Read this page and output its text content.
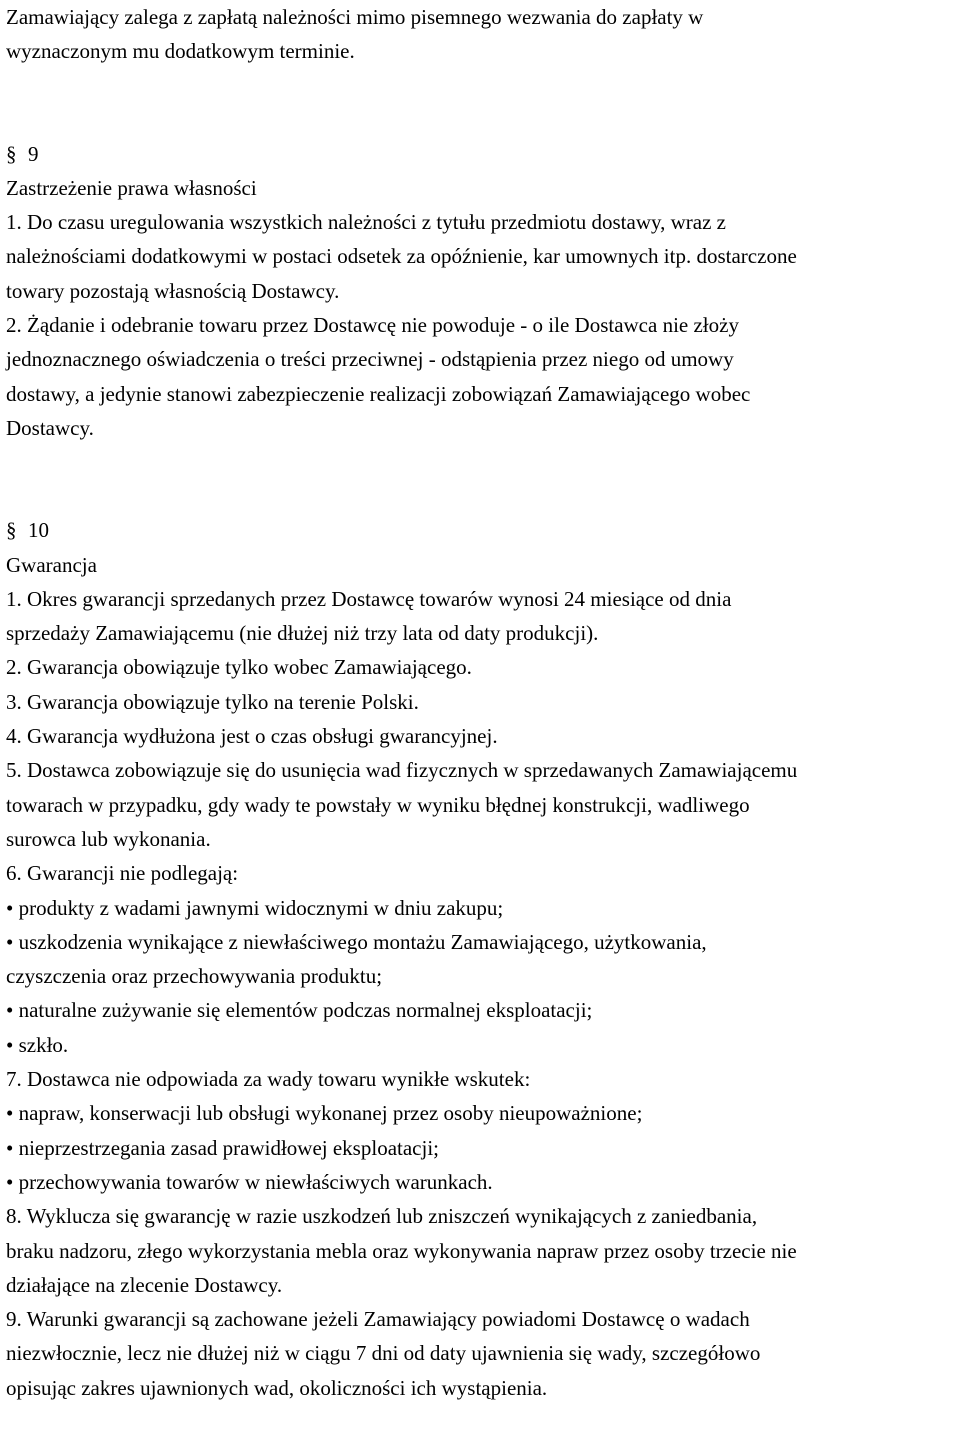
Zamawiający zalega z zapłatą należności mimo pisemnego wezwania do zapłaty w
wyznaczonym mu dodatkowym terminie.
§ 9
Zastrzeżenie prawa własności
1. Do czasu uregulowania wszystkich należności z tytułu przedmiotu dostawy, wraz z
należnościami dodatkowymi w postaci odsetek za opóźnienie, kar umownych itp. dostarczone
towary pozostają własnością Dostawcy.
2. Żądanie i odebranie towaru przez Dostawcę nie powoduje - o ile Dostawca nie złoży
jednoznacznego oświadczenia o treści przeciwnej - odstąpienia przez niego od umowy
dostawy, a jedynie stanowi zabezpieczenie realizacji zobowiązań Zamawiającego wobec
Dostawcy.
§ 10
Gwarancja
1. Okres gwarancji sprzedanych przez Dostawcę towarów wynosi 24 miesiące od dnia
sprzedaży Zamawiającemu (nie dłużej niż trzy lata od daty produkcji).
2. Gwarancja obowiązuje tylko wobec Zamawiającego.
3. Gwarancja obowiązuje tylko na terenie Polski.
4. Gwarancja wydłużona jest o czas obsługi gwarancyjnej.
5. Dostawca zobowiązuje się do usunięcia wad fizycznych w sprzedawanych Zamawiającemu
towarach w przypadku, gdy wady te powstały w wyniku błędnej konstrukcji, wadliwego
surowca lub wykonania.
6. Gwarancji nie podlegają:
• produkty z wadami jawnymi widocznymi w dniu zakupu;
• uszkodzenia wynikające z niewłaściwego montażu Zamawiającego, użytkowania,
czyszczenia oraz przechowywania produktu;
• naturalne zużywanie się elementów podczas normalnej eksploatacji;
• szkło.
7. Dostawca nie odpowiada za wady towaru wynikłe wskutek:
• napraw, konserwacji lub obsługi wykonanej przez osoby nieupoważnione;
• nieprzestrzegania zasad prawidłowej eksploatacji;
• przechowywania towarów w niewłaściwych warunkach.
8. Wyklucza się gwarancję w razie uszkodzeń lub zniszczeń wynikających z zaniedbania,
braku nadzoru, złego wykorzystania mebla oraz wykonywania napraw przez osoby trzecie nie
działające na zlecenie Dostawcy.
9. Warunki gwarancji są zachowane jeżeli Zamawiający powiadomi Dostawcę o wadach
niezwłocznie, lecz nie dłużej niż w ciągu 7 dni od daty ujawnienia się wady, szczegółowo
opisując zakres ujawnionych wad, okoliczności ich wystąpienia.
